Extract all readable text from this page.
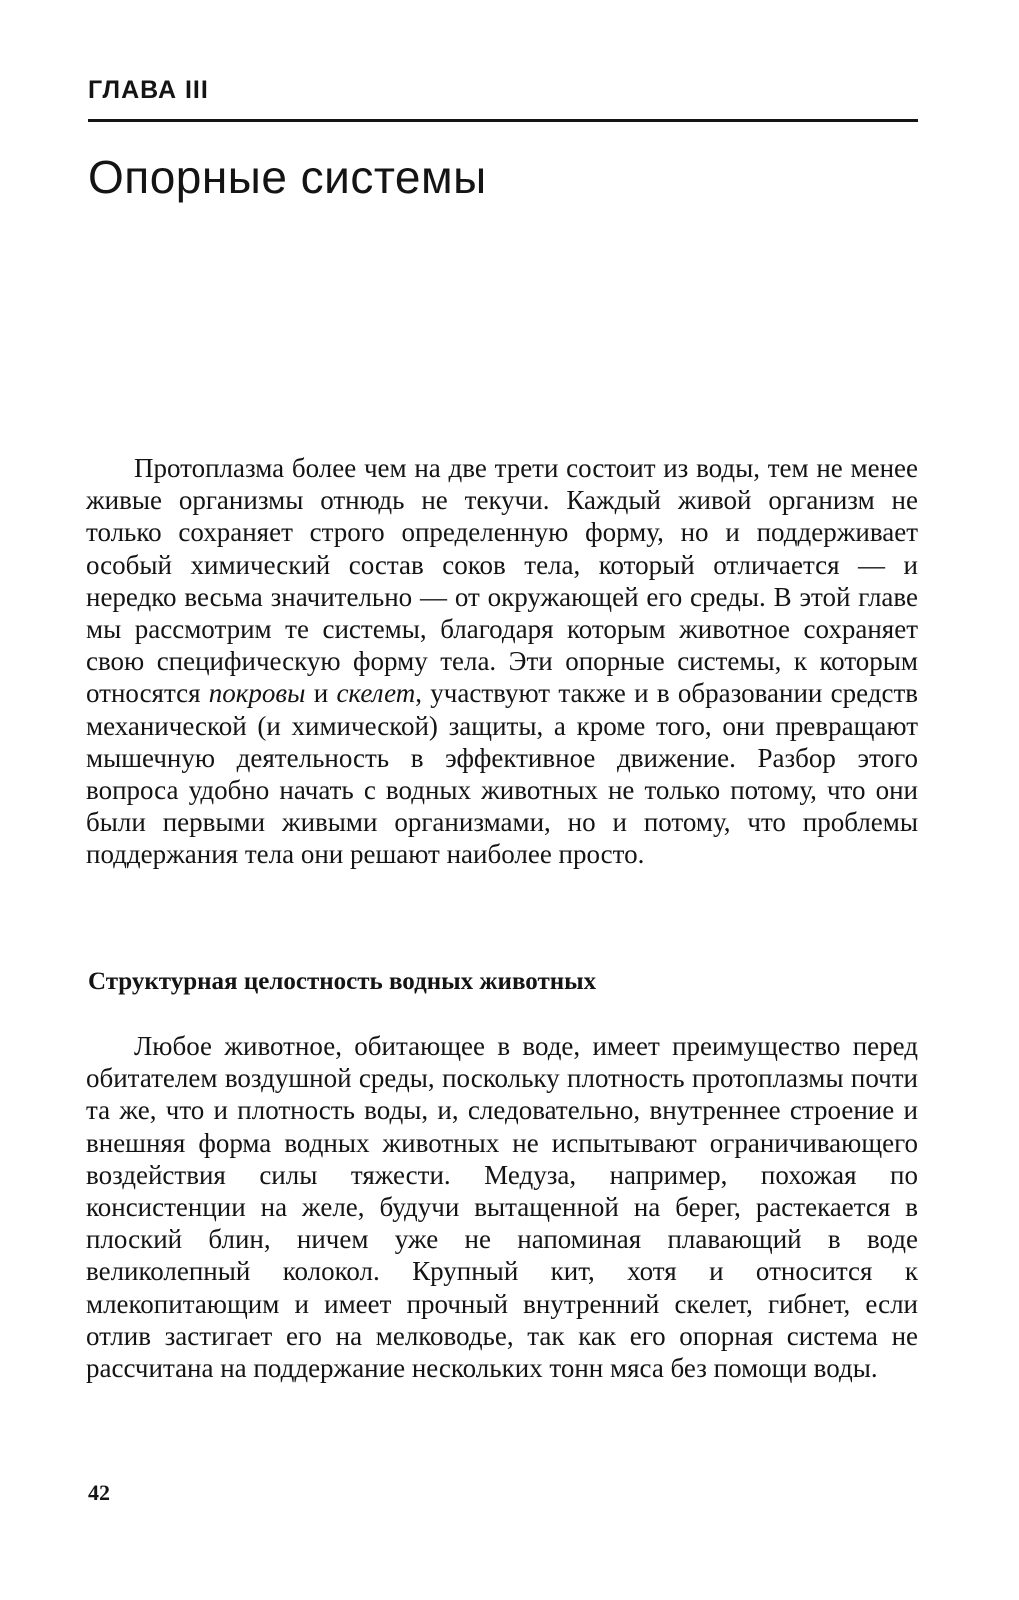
ГЛАВА III
Опорные системы

Протоплазма более чем на две трети состоит из воды, тем не менее живые организмы отнюдь не текучи. Каждый живой организм не только сохраняет строго определенную форму, но и поддерживает особый химический состав соков тела, который отличается — и нередко весьма значительно — от окружающей его среды. В этой главе мы рассмотрим те системы, благодаря которым животное сохраняет свою специфическую форму тела. Эти опорные системы, к которым относятся покровы и скелет, участвуют также и в образовании средств механической (и химической) защиты, а кроме того, они превращают мышечную деятельность в эффективное движение. Разбор этого вопроса удобно начать с водных животных не только потому, что они были первыми живыми организмами, но и потому, что проблемы поддержания тела они решают наиболее просто.

Структурная целостность водных животных

Любое животное, обитающее в воде, имеет преимущество перед обитателем воздушной среды, поскольку плотность протоплазмы почти та же, что и плотность воды, и, следовательно, внутреннее строение и внешняя форма водных животных не испытывают ограничивающего воздействия силы тяжести. Медуза, например, похожая по консистенции на желе, будучи вытащенной на берег, растекается в плоский блин, ничем уже не напоминая плавающий в воде великолепный колокол. Крупный кит, хотя и относится к млекопитающим и имеет прочный внутренний скелет, гибнет, если отлив застигает его на мелководье, так как его опорная система не рассчитана на поддержание нескольких тонн мяса без помощи воды.

42
